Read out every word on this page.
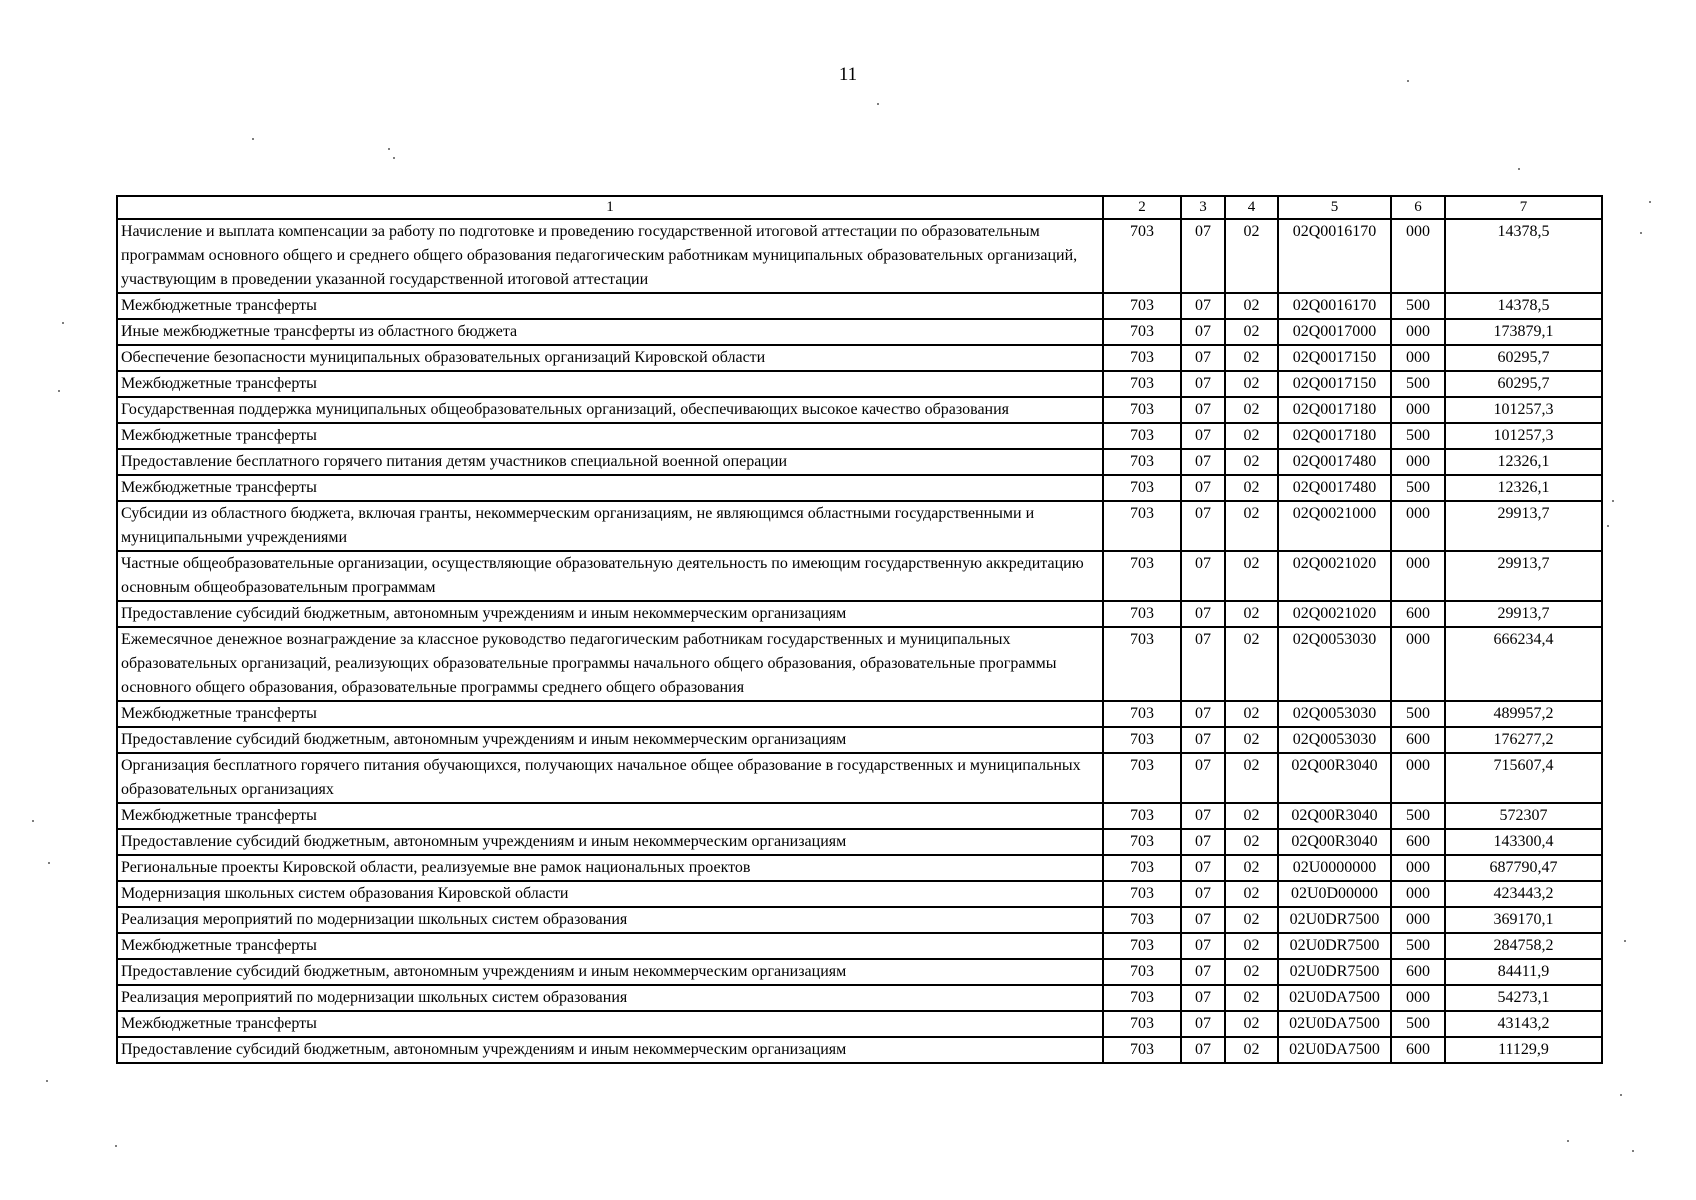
11
1	2	3	4	5	6	7
Начисление и выплата компенсации за работу по подготовке и проведению государственной итоговой аттестации по образовательным программам основного общего и среднего общего образования педагогическим работникам муниципальных образовательных организаций, участвующим в проведении указанной государственной итоговой аттестации	703	07	02	02Q0016170	000	14378,5
Межбюджетные трансферты	703	07	02	02Q0016170	500	14378,5
Иные межбюджетные трансферты из областного бюджета	703	07	02	02Q0017000	000	173879,1
Обеспечение безопасности муниципальных образовательных организаций Кировской области	703	07	02	02Q0017150	000	60295,7
Межбюджетные трансферты	703	07	02	02Q0017150	500	60295,7
Государственная поддержка муниципальных общеобразовательных организаций, обеспечивающих высокое качество образования	703	07	02	02Q0017180	000	101257,3
Межбюджетные трансферты	703	07	02	02Q0017180	500	101257,3
Предоставление бесплатного горячего питания детям участников специальной военной операции	703	07	02	02Q0017480	000	12326,1
Межбюджетные трансферты	703	07	02	02Q0017480	500	12326,1
Субсидии из областного бюджета, включая гранты, некоммерческим организациям, не являющимся областными государственными и муниципальными учреждениями	703	07	02	02Q0021000	000	29913,7
Частные общеобразовательные организации, осуществляющие образовательную деятельность по имеющим государственную аккредитацию основным общеобразовательным программам	703	07	02	02Q0021020	000	29913,7
Предоставление субсидий бюджетным, автономным учреждениям и иным некоммерческим организациям	703	07	02	02Q0021020	600	29913,7
Ежемесячное денежное вознаграждение за классное руководство педагогическим работникам государственных и муниципальных образовательных организаций, реализующих образовательные программы начального общего образования, образовательные программы основного общего образования, образовательные программы среднего общего образования	703	07	02	02Q0053030	000	666234,4
Межбюджетные трансферты	703	07	02	02Q0053030	500	489957,2
Предоставление субсидий бюджетным, автономным учреждениям и иным некоммерческим организациям	703	07	02	02Q0053030	600	176277,2
Организация бесплатного горячего питания обучающихся, получающих начальное общее образование в государственных и муниципальных образовательных организациях	703	07	02	02Q00R3040	000	715607,4
Межбюджетные трансферты	703	07	02	02Q00R3040	500	572307
Предоставление субсидий бюджетным, автономным учреждениям и иным некоммерческим организациям	703	07	02	02Q00R3040	600	143300,4
Региональные проекты Кировской области, реализуемые вне рамок национальных проектов	703	07	02	02U0000000	000	687790,47
Модернизация школьных систем образования Кировской области	703	07	02	02U0D00000	000	423443,2
Реализация мероприятий по модернизации школьных систем образования	703	07	02	02U0DR7500	000	369170,1
Межбюджетные трансферты	703	07	02	02U0DR7500	500	284758,2
Предоставление субсидий бюджетным, автономным учреждениям и иным некоммерческим организациям	703	07	02	02U0DR7500	600	84411,9
Реализация мероприятий по модернизации школьных систем образования	703	07	02	02U0DA7500	000	54273,1
Межбюджетные трансферты	703	07	02	02U0DA7500	500	43143,2
Предоставление субсидий бюджетным, автономным учреждениям и иным некоммерческим организациям	703	07	02	02U0DA7500	600	11129,9
